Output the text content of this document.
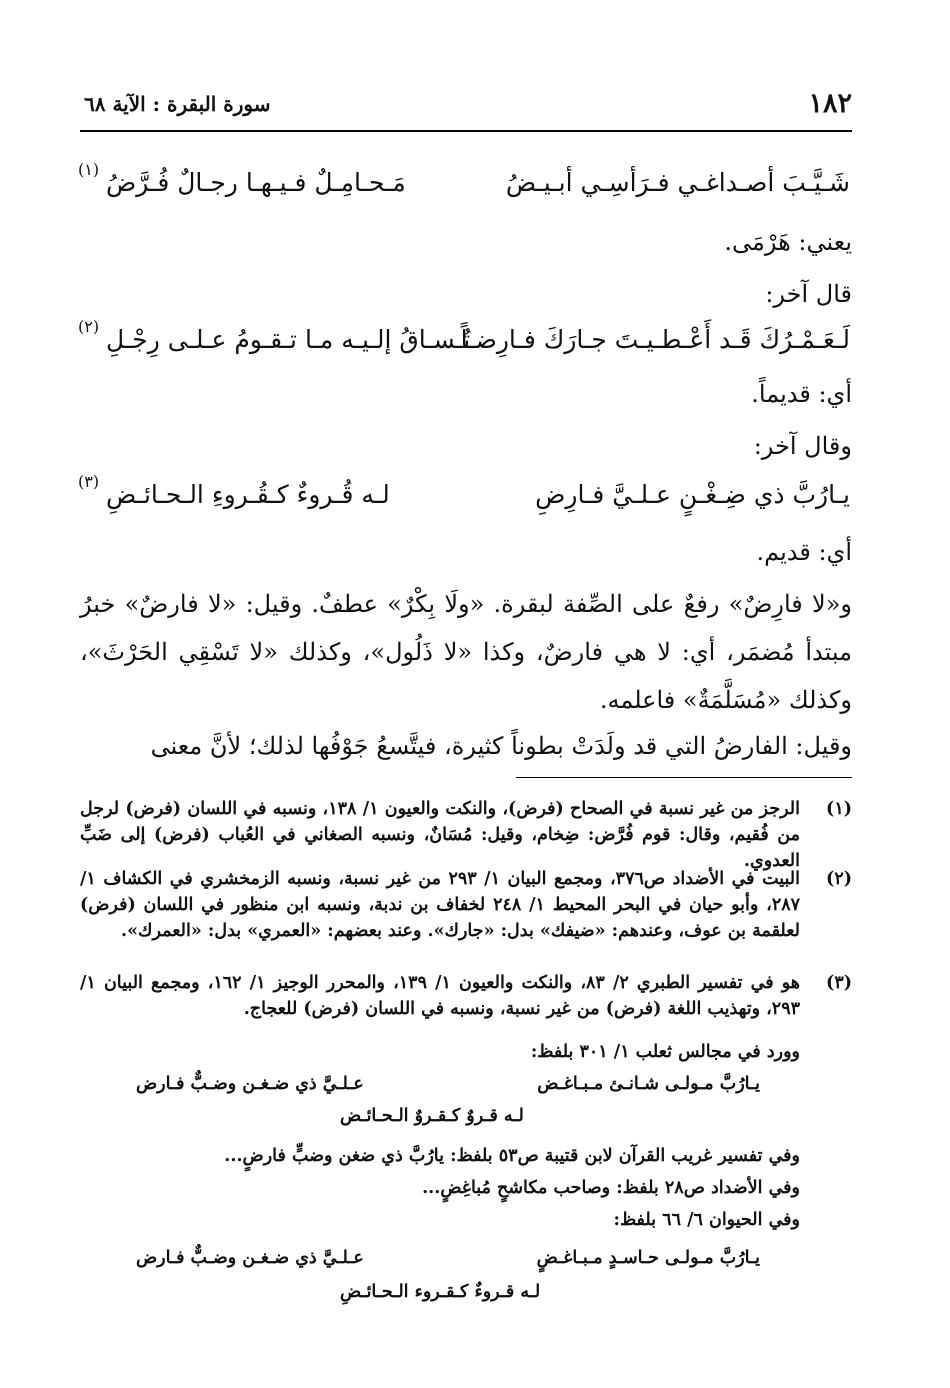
١٨٢
سورة البقرة : الآية ٦٨
شَـيَّـبَ أصـداغـي فـرَأسِـي أبـيـضُ
مَـحـامِـلٌ فـيـهـا رجـالٌ فُـرَّضُ
(١)
يعني: هَرْمَى.
قال آخر:
لَـعَـمْـرُكَ قَـد أَعْـطـيـتَ جـارَكَ فـارِضـاً
تُـسـاقُ إلـيـه مـا تـقـومُ عـلـى رِجْـلِ
(٢)
أي: قديماً.
وقال آخر:
يـارُبَّ ذي ضِـغْـنٍ عـلـيَّ فـارِضِ
لـه قُـروءٌ كـقُـروءِ الـحـائـضِ
(٣)
أي: قديم.
و«لا فارِضٌ» رفعٌ على الصِّفة لبقرة. «ولَا بِكْرٌ» عطفٌ. وقيل: «لا فارضٌ» خبرُ مبتدأ مُضمَر، أي: لا هي فارضٌ، وكذا «لا ذَلُول»، وكذلك «لا تَسْقِي الحَرْثَ»، وكذلك «مُسَلَّمَةٌ» فاعلمه.
وقيل: الفارضُ التي قد ولَدَتْ بطوناً كثيرة، فيتَّسعُ جَوْفُها لذلك؛ لأنَّ معنى
(١)
الرجز من غير نسبة في الصحاح (فرض)، والنكت والعيون ١/ ١٣٨، ونسبه في اللسان (فرض) لرجل من فُقيم، وقال: قوم فُرَّض: ضِخام، وقيل: مُسَانٌ، ونسبه الصغاني في العُباب (فرض) إلى ضَبِّ العدوي.
(٢)
البيت في الأضداد ص٣٧٦، ومجمع البيان ١/ ٢٩٣ من غير نسبة، ونسبه الزمخشري في الكشاف ١/ ٢٨٧، وأبو حيان في البحر المحيط ١/ ٢٤٨ لخفاف بن ندبة، ونسبه ابن منظور في اللسان (فرض) لعلقمة بن عوف، وعندهم: «ضيفك» بدل: «جارك». وعند بعضهم: «العمري» بدل: «العمرك».
(٣)
هو في تفسير الطبري ٢/ ٨٣، والنكت والعيون ١/ ١٣٩، والمحرر الوجيز ١/ ١٦٢، ومجمع البيان ١/ ٢٩٣، وتهذيب اللغة (فرض) من غير نسبة، ونسبه في اللسان (فرض) للعجاج.
وورد في مجالس ثعلب ١/ ٣٠١ بلفظ:
يـارُبَّ مـولـى شـانـئ مـبـاغـض
عـلـيَّ ذي ضـغـن وضـبٌّ فـارض
لـه قـروٌ كـقـروٌ الـحـائـض
وفي تفسير غريب القرآن لابن قتيبة ص٥٣ بلفظ: يارُبَّ ذي ضغن وضبٍّ فارضٍ...
وفي الأضداد ص٢٨ بلفظ: وصاحب مكاشحٍ مُباغِضٍ...
وفي الحيوان ٦/ ٦٦ بلفظ:
يـارُبَّ مـولـى حـاسـدٍ مـبـاغـضٍ
عـلـيَّ ذي ضـغـن وضـبٌّ فـارض
لـه قـروءٌ كـقـروء الـحـائـضِ
